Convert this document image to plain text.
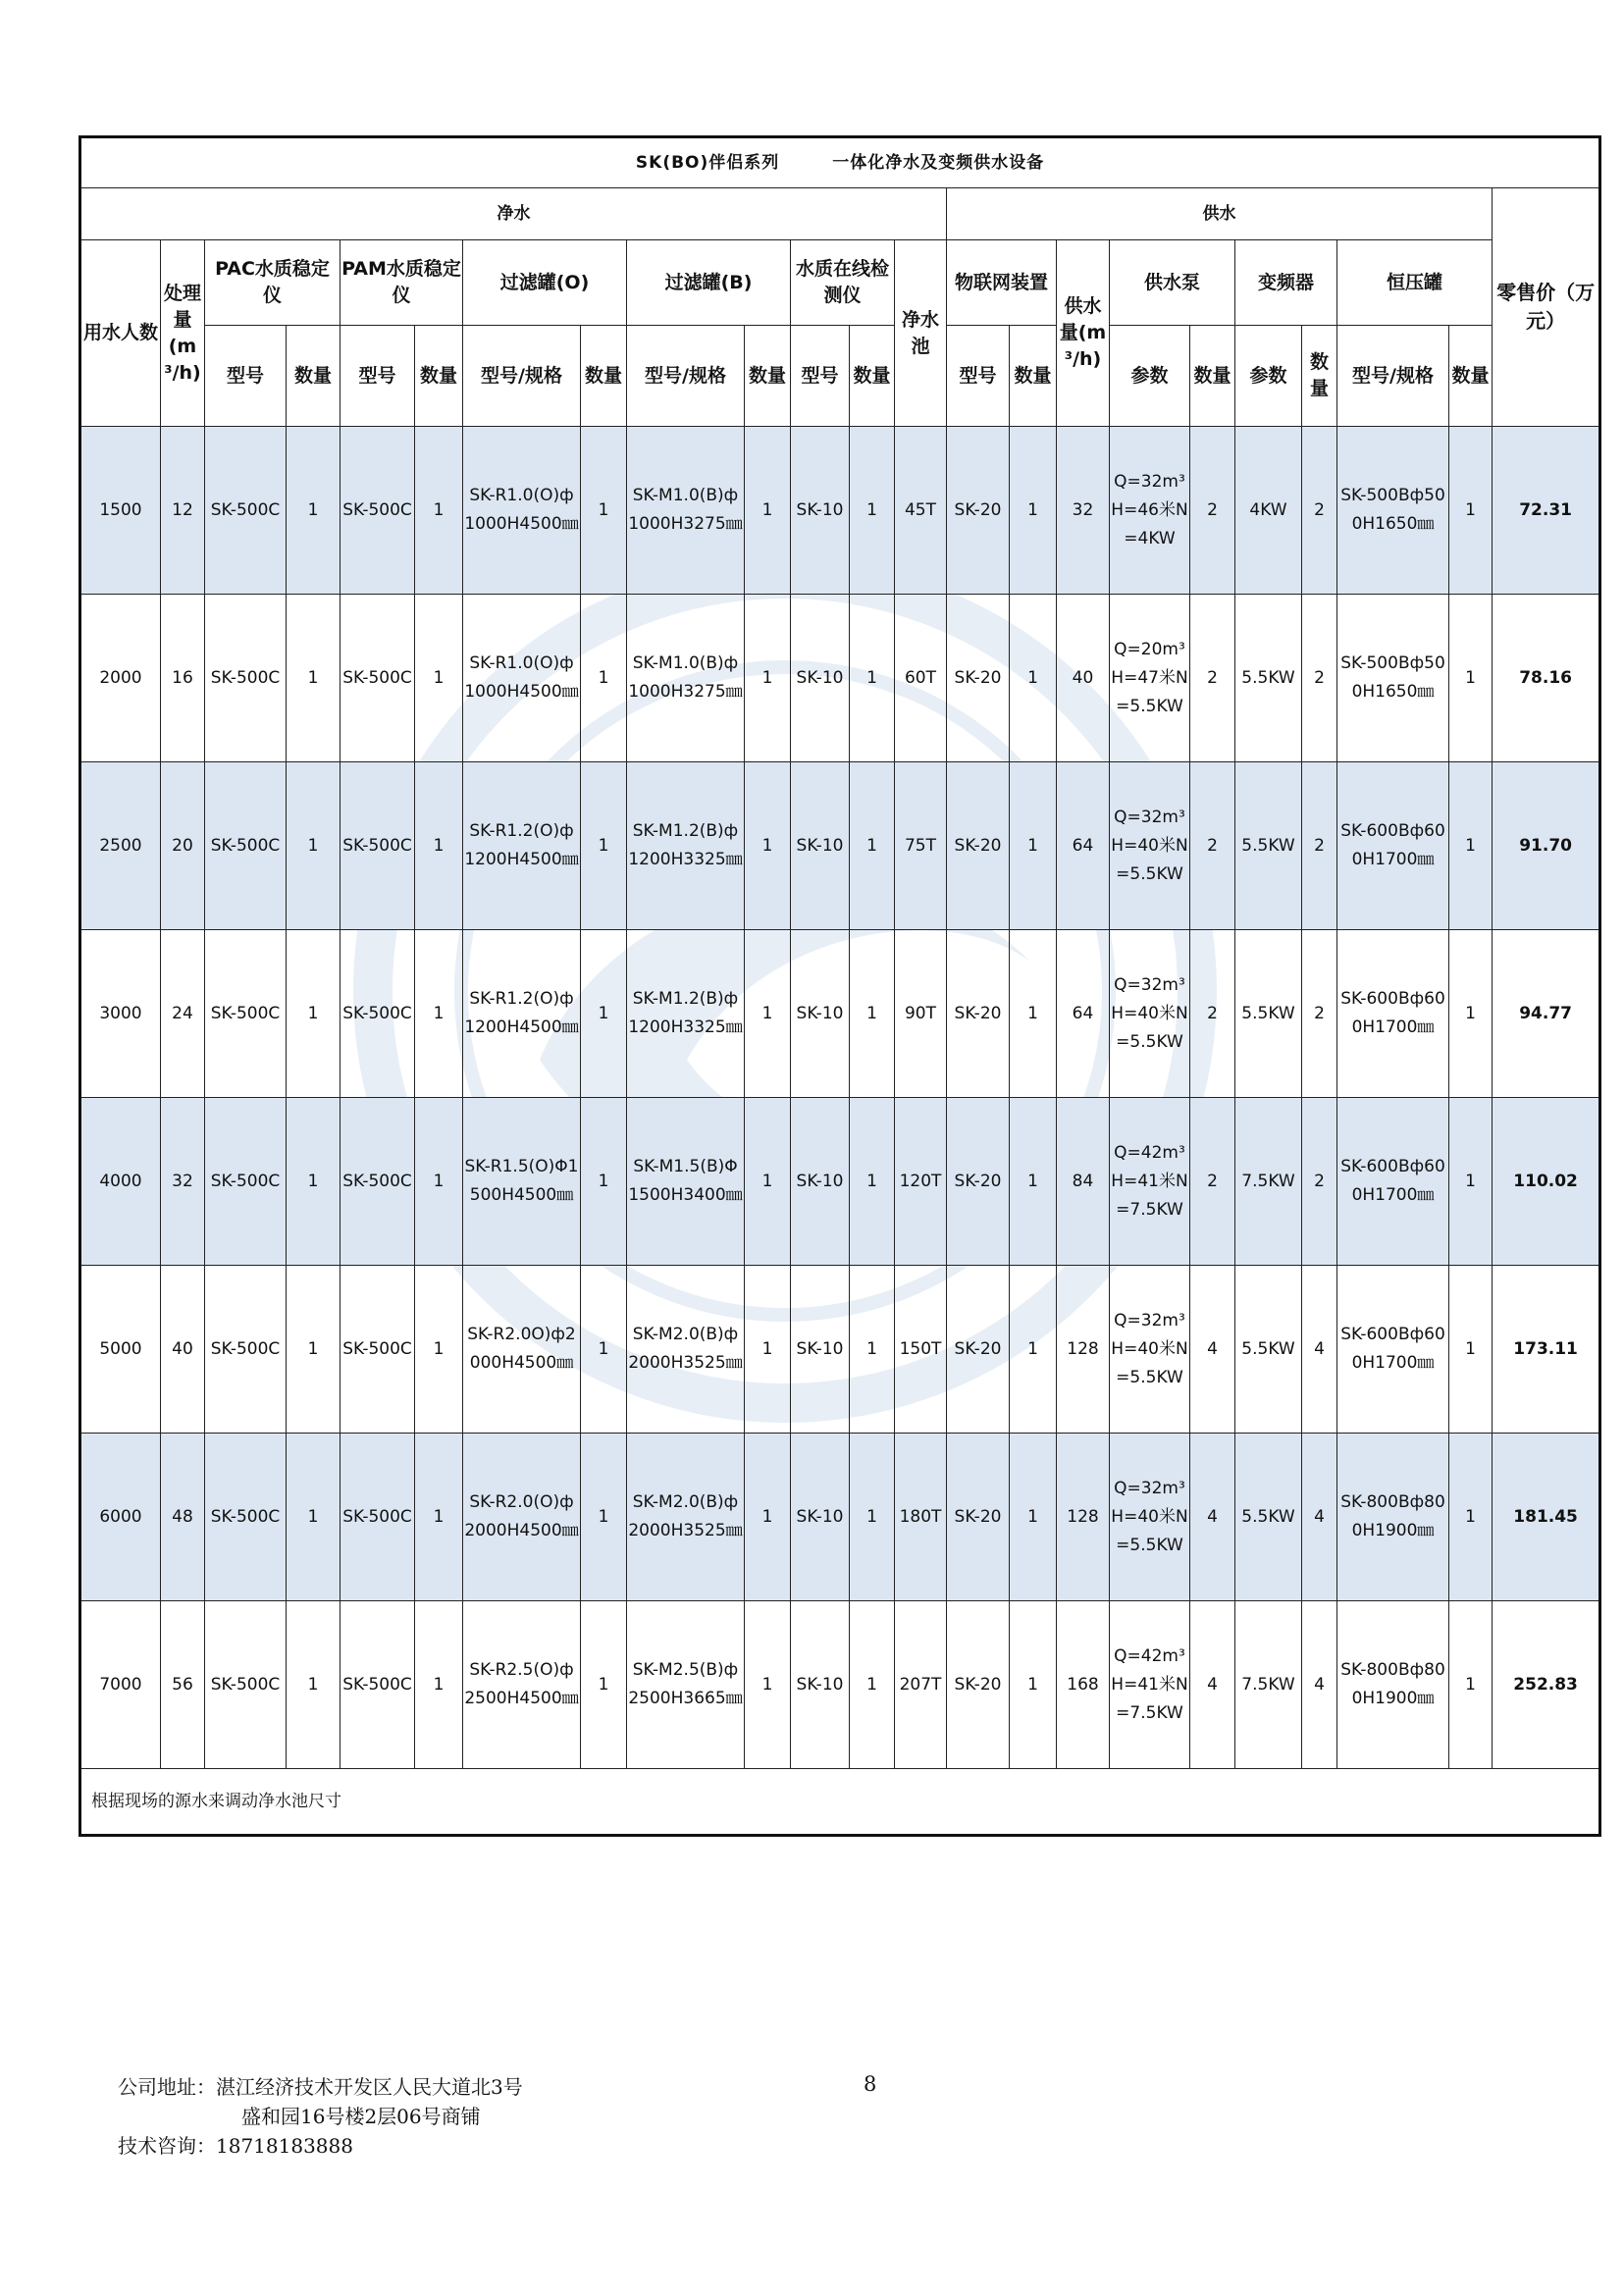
SK(BO)伴侣系列　　　一体化净水及变频供水设备																						
净水													供水									零售价（万元）
用水人数	处理量(m³/h)	PAC水质稳定仪		PAM水质稳定仪		过滤罐(O)		过滤罐(B)		水质在线检测仪		净水池	物联网装置		供水量(m³/h)	供水泵		变频器		恒压罐		
		型号	数量	型号	数量	型号/规格	数量	型号/规格	数量	型号	数量		型号	数量		参数	数量	参数	数量	型号/规格	数量	
1500	12	SK-500C	1	SK-500C	1	SK-R1.0(O)ф1000H4500㎜	1	SK-M1.0(B)ф1000H3275㎜	1	SK-10	1	45T	SK-20	1	32	Q=32m³H=46米N=4KW	2	4KW	2	SK-500Bф500H1650㎜	1	72.31
2000	16	SK-500C	1	SK-500C	1	SK-R1.0(O)ф1000H4500㎜	1	SK-M1.0(B)ф1000H3275㎜	1	SK-10	1	60T	SK-20	1	40	Q=20m³H=47米N=5.5KW	2	5.5KW	2	SK-500Bф500H1650㎜	1	78.16
2500	20	SK-500C	1	SK-500C	1	SK-R1.2(O)ф1200H4500㎜	1	SK-M1.2(B)ф1200H3325㎜	1	SK-10	1	75T	SK-20	1	64	Q=32m³H=40米N=5.5KW	2	5.5KW	2	SK-600Bф600H1700㎜	1	91.70
3000	24	SK-500C	1	SK-500C	1	SK-R1.2(O)ф1200H4500㎜	1	SK-M1.2(B)ф1200H3325㎜	1	SK-10	1	90T	SK-20	1	64	Q=32m³H=40米N=5.5KW	2	5.5KW	2	SK-600Bф600H1700㎜	1	94.77
4000	32	SK-500C	1	SK-500C	1	SK-R1.5(O)Φ1500H4500㎜	1	SK-M1.5(B)Φ1500H3400㎜	1	SK-10	1	120T	SK-20	1	84	Q=42m³H=41米N=7.5KW	2	7.5KW	2	SK-600Bф600H1700㎜	1	110.02
5000	40	SK-500C	1	SK-500C	1	SK-R2.0O)ф2000H4500㎜	1	SK-M2.0(B)ф2000H3525㎜	1	SK-10	1	150T	SK-20	1	128	Q=32m³H=40米N=5.5KW	4	5.5KW	4	SK-600Bф600H1700㎜	1	173.11
6000	48	SK-500C	1	SK-500C	1	SK-R2.0(O)ф2000H4500㎜	1	SK-M2.0(B)ф2000H3525㎜	1	SK-10	1	180T	SK-20	1	128	Q=32m³H=40米N=5.5KW	4	5.5KW	4	SK-800Bф800H1900㎜	1	181.45
7000	56	SK-500C	1	SK-500C	1	SK-R2.5(O)ф2500H4500㎜	1	SK-M2.5(B)ф2500H3665㎜	1	SK-10	1	207T	SK-20	1	168	Q=42m³H=41米N=7.5KW	4	7.5KW	4	SK-800Bф800H1900㎜	1	252.83
根据现场的源水来调动净水池尺寸																						
公司地址：湛江经济技术开发区人民大道北3号
盛和园16号楼2层06号商铺
技术咨询：18718183888
8
